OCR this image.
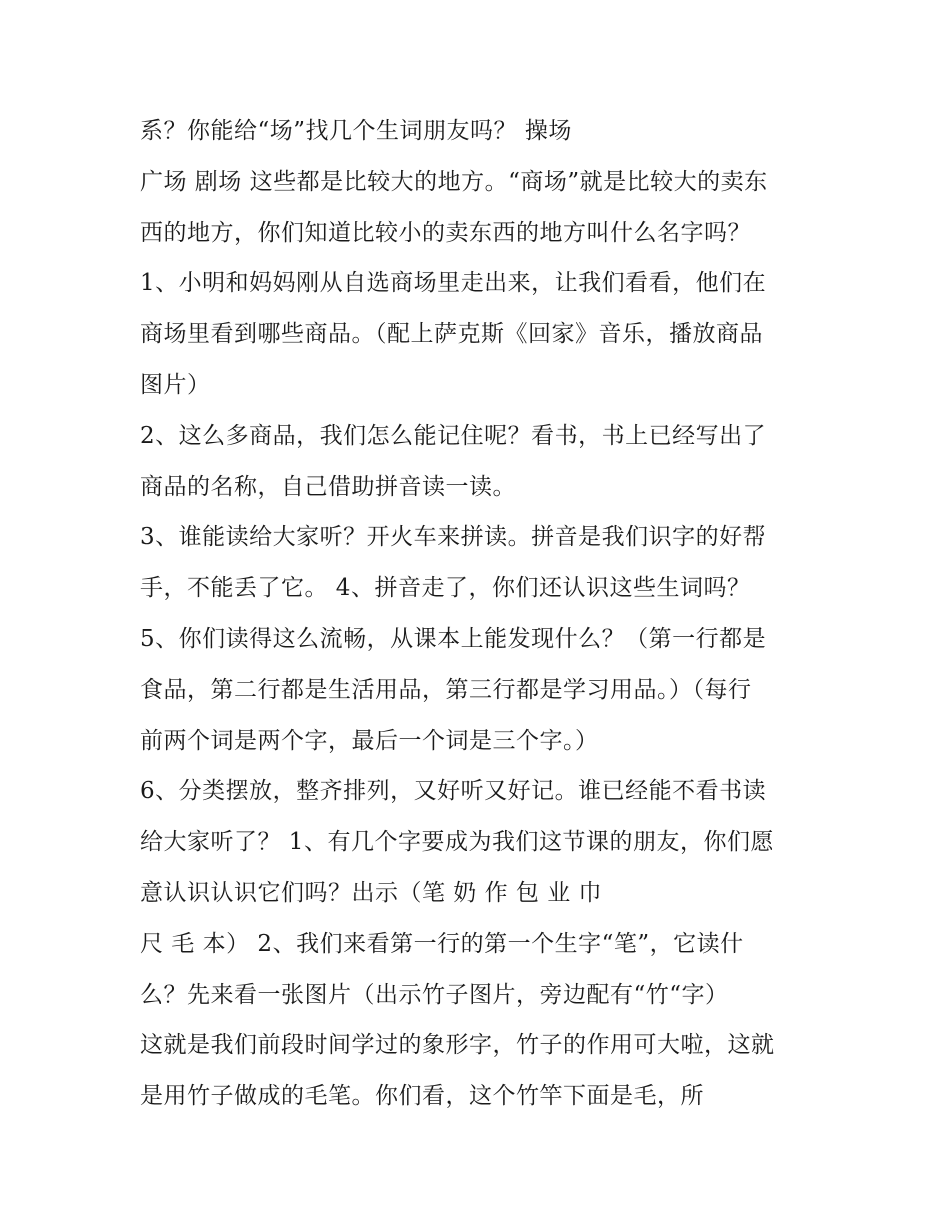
系？你能给“场”找几个生词朋友吗？ 操场
广场 剧场 这些都是比较大的地方。“商场”就是比较大的卖东
西的地方，你们知道比较小的卖东西的地方叫什么名字吗？
1、小明和妈妈刚从自选商场里走出来，让我们看看，他们在
商场里看到哪些商品。（配上萨克斯《回家》音乐，播放商品
图片）
2、这么多商品，我们怎么能记住呢？看书，书上已经写出了
商品的名称，自己借助拼音读一读。
3、谁能读给大家听？开火车来拼读。拼音是我们识字的好帮
手，不能丢了它。 4、拼音走了，你们还认识这些生词吗？
5、你们读得这么流畅，从课本上能发现什么？（第一行都是
食品，第二行都是生活用品，第三行都是学习用品。）（每行
前两个词是两个字，最后一个词是三个字。）
6、分类摆放，整齐排列，又好听又好记。谁已经能不看书读
给大家听了？ 1、有几个字要成为我们这节课的朋友，你们愿
意认识认识它们吗？出示（笔 奶 作 包 业 巾
尺 毛 本） 2、我们来看第一行的第一个生字“笔”，它读什
么？先来看一张图片（出示竹子图片，旁边配有“竹“字）
这就是我们前段时间学过的象形字，竹子的作用可大啦，这就
是用竹子做成的毛笔。你们看，这个竹竿下面是毛，所
